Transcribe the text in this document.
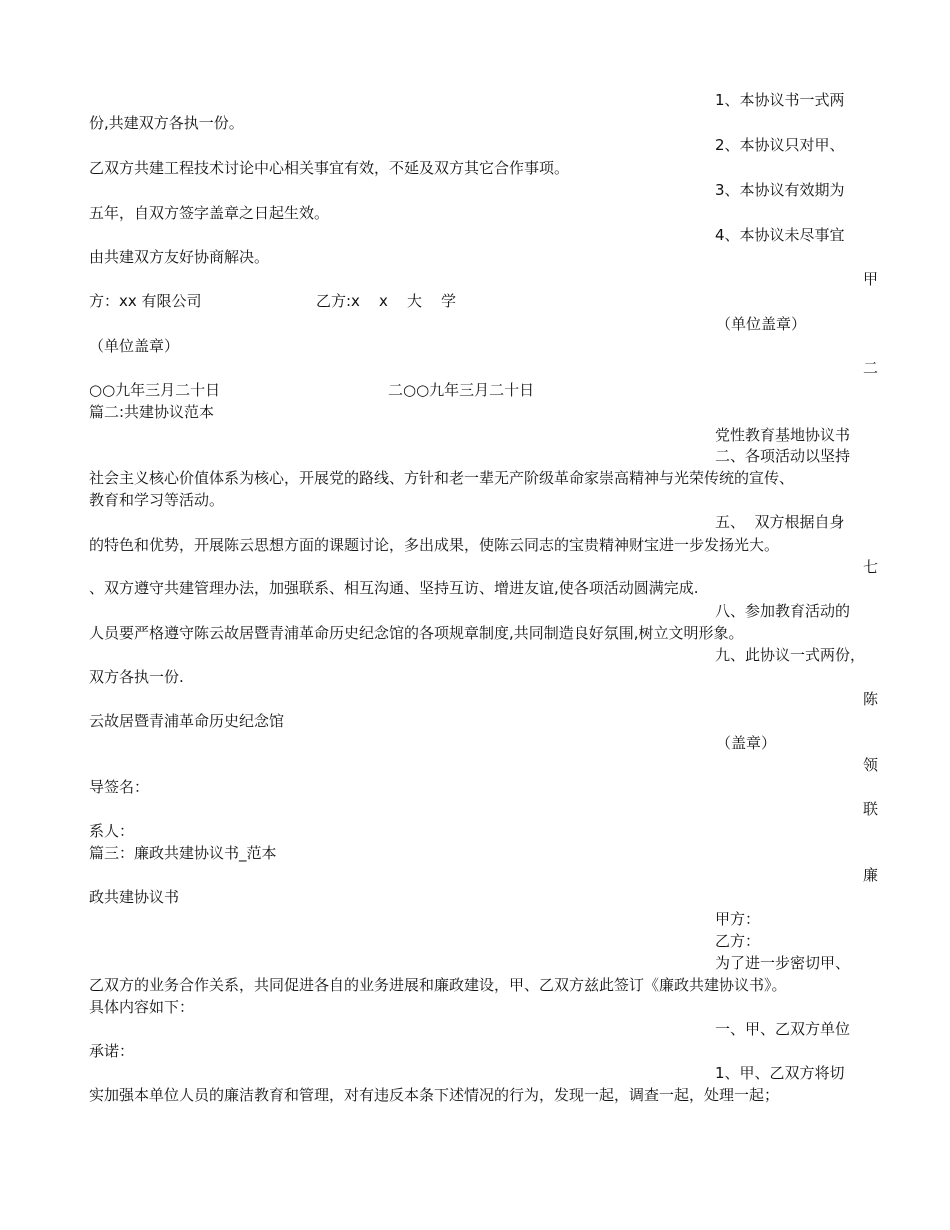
1、本协议书一式两
份,共建双方各执一份。
2、本协议只对甲、
乙双方共建工程技术讨论中心相关事宜有效，不延及双方其它合作事项。
3、本协议有效期为
五年，自双方签字盖章之日起生效。
4、本协议未尽事宜
由共建双方友好协商解决。
甲
方：xx 有限公司	乙方:x    x    大    学
（单位盖章）
（单位盖章）
二
○○九年三月二十日	二○○九年三月二十日
篇二:共建协议范本
党性教育基地协议书
二、各项活动以坚持
社会主义核心价值体系为核心，开展党的路线、方针和老一辈无产阶级革命家崇高精神与光荣传统的宣传、
教育和学习等活动。
五、  双方根据自身
的特色和优势，开展陈云思想方面的课题讨论，多出成果，使陈云同志的宝贵精神财宝进一步发扬光大。
七
、双方遵守共建管理办法，加强联系、相互沟通、坚持互访、增进友谊,使各项活动圆满完成.
八、参加教育活动的
人员要严格遵守陈云故居暨青浦革命历史纪念馆的各项规章制度,共同制造良好氛围,树立文明形象。
九、此协议一式两份，
双方各执一份.
陈
云故居暨青浦革命历史纪念馆
（盖章）
领
导签名：
联
系人：
篇三：廉政共建协议书_范本
廉
政共建协议书
甲方：
乙方：
为了进一步密切甲、
乙双方的业务合作关系，共同促进各自的业务进展和廉政建设，甲、乙双方兹此签订《廉政共建协议书》。
具体内容如下：
一、甲、乙双方单位
承诺：
1、甲、乙双方将切
实加强本单位人员的廉洁教育和管理，对有违反本条下述情况的行为，发现一起，调查一起，处理一起；
